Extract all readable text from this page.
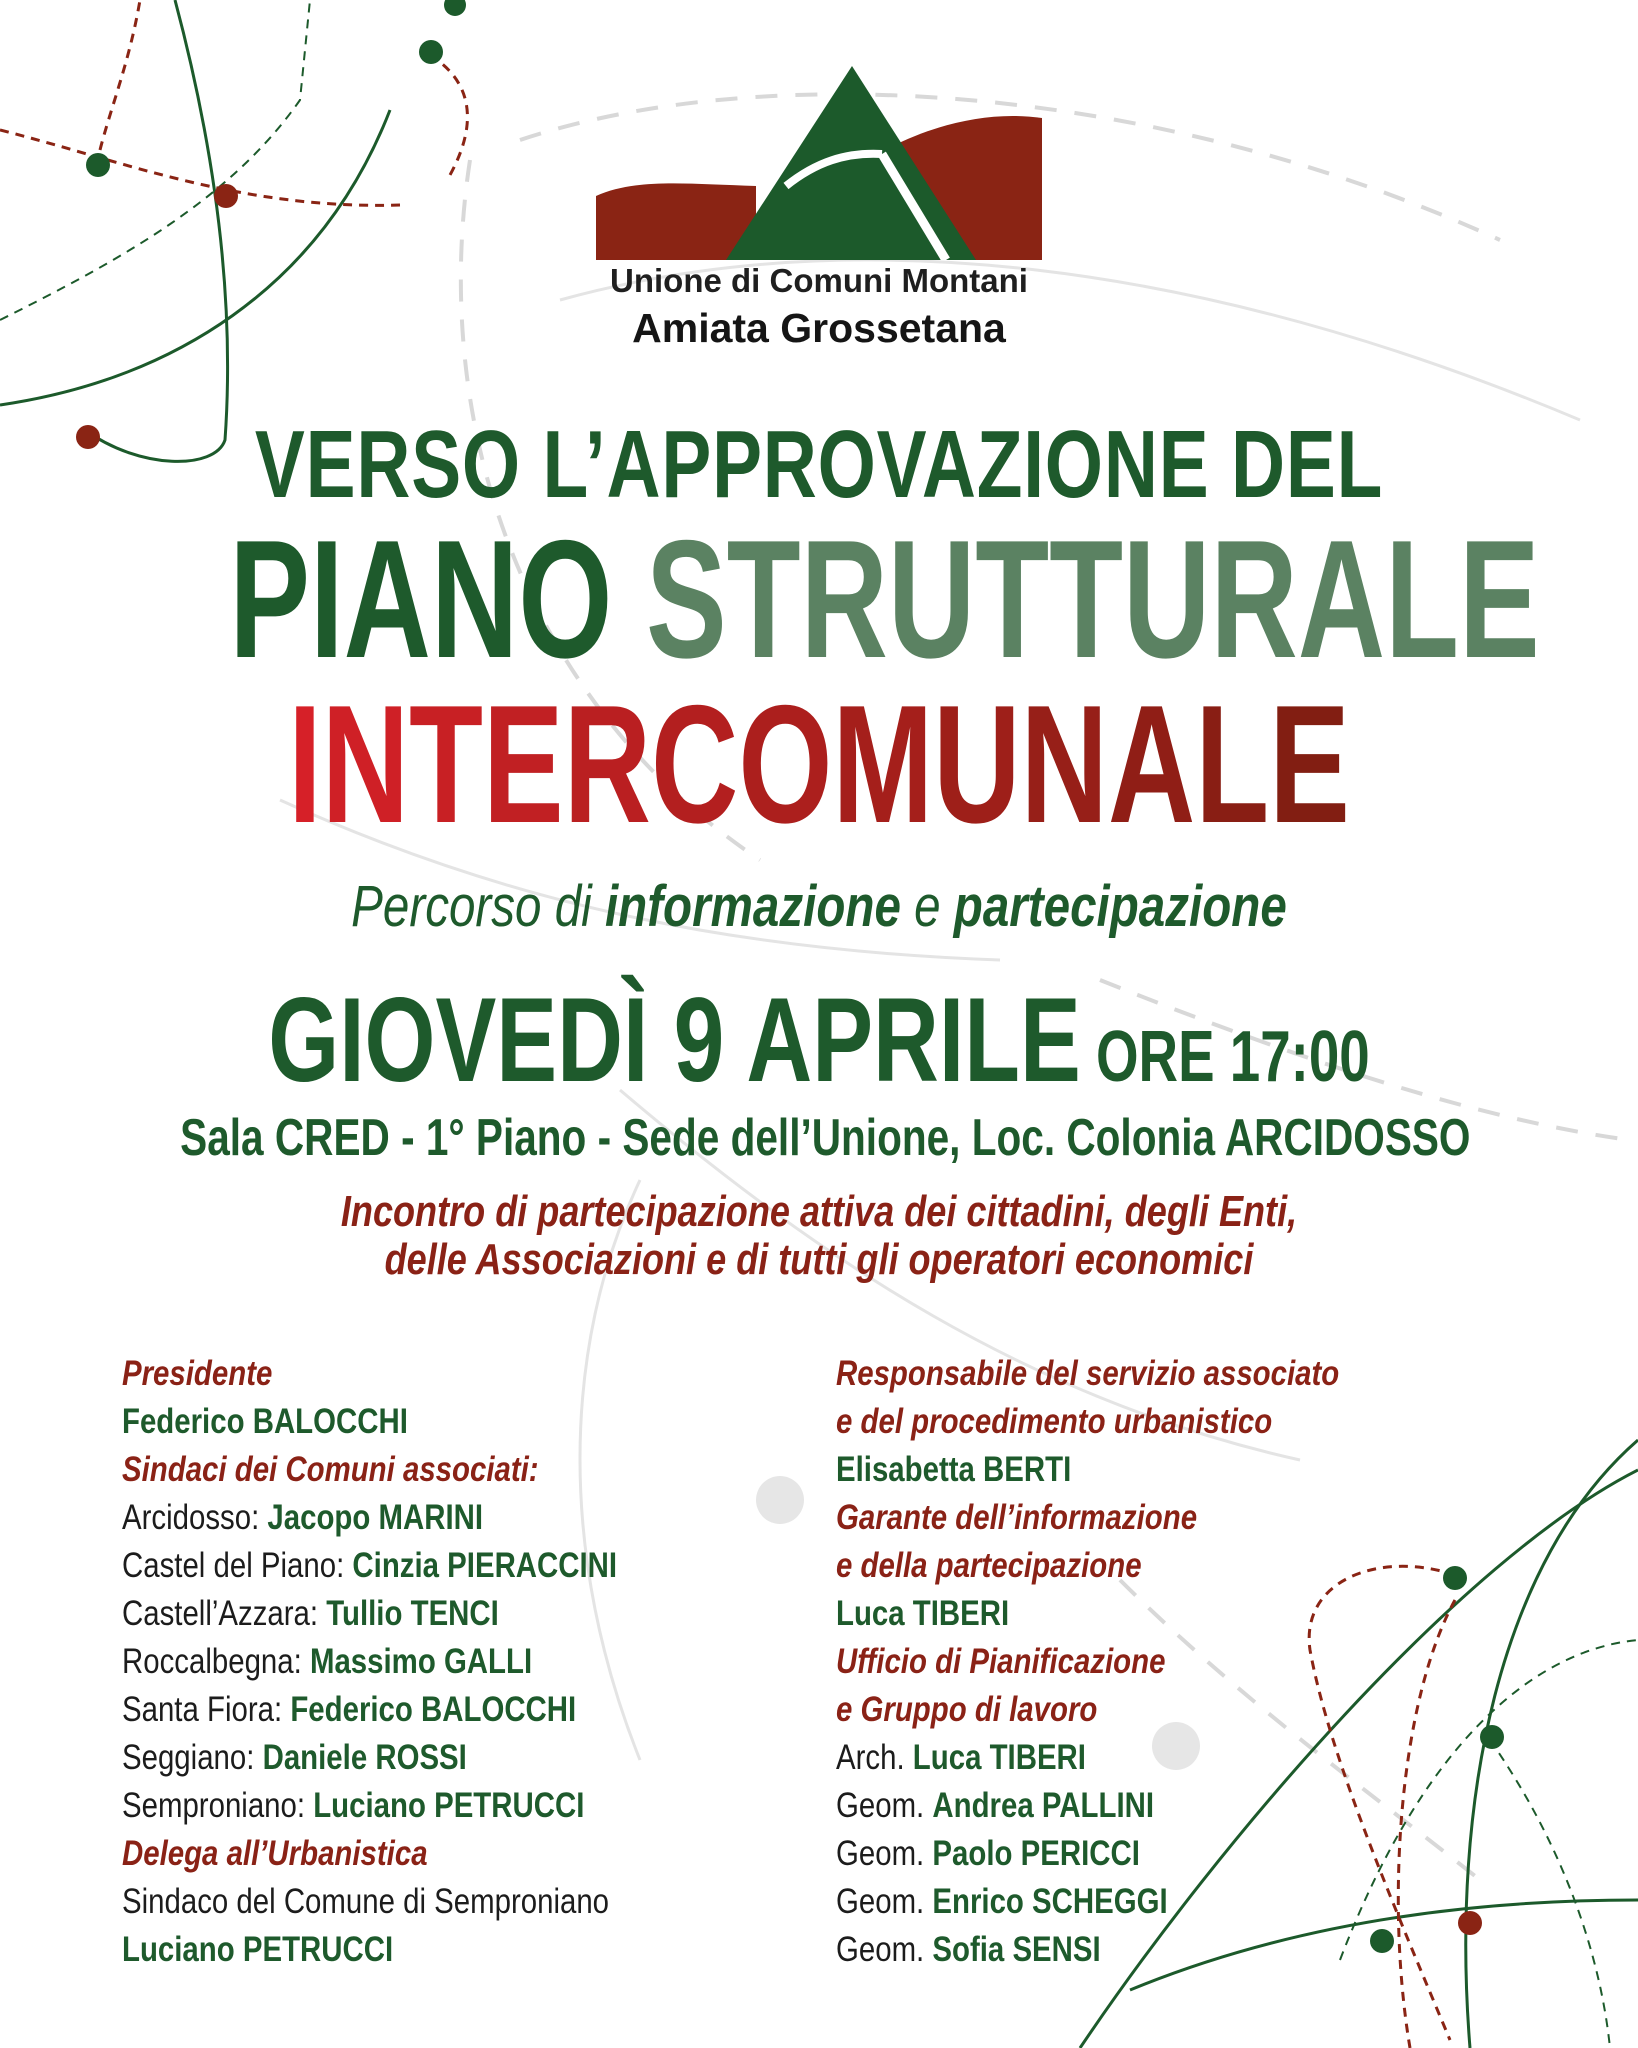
Unione di Comuni Montani
Amiata Grossetana
VERSO L’APPROVAZIONE DEL
PIANO STRUTTURALE
INTERCOMUNALE
Percorso di informazione e partecipazione
GIOVEDÌ 9 APRILE ORE 17:00
Sala CRED - 1° Piano - Sede dell’Unione, Loc. Colonia ARCIDOSSO
Incontro di partecipazione attiva dei cittadini, degli Enti,
delle Associazioni e di tutti gli operatori economici
Presidente
Federico BALOCCHI
Sindaci dei Comuni associati:
Arcidosso: Jacopo MARINI
Castel del Piano: Cinzia PIERACCINI
Castell’Azzara: Tullio TENCI
Roccalbegna: Massimo GALLI
Santa Fiora: Federico BALOCCHI
Seggiano: Daniele ROSSI
Semproniano: Luciano PETRUCCI
Delega all’Urbanistica
Sindaco del Comune di Semproniano
Luciano PETRUCCI
Responsabile del servizio associato
e del procedimento urbanistico
Elisabetta BERTI
Garante dell’informazione
e della partecipazione
Luca TIBERI
Ufficio di Pianificazione
e Gruppo di lavoro
Arch. Luca TIBERI
Geom. Andrea PALLINI
Geom. Paolo PERICCI
Geom. Enrico SCHEGGI
Geom. Sofia SENSI
